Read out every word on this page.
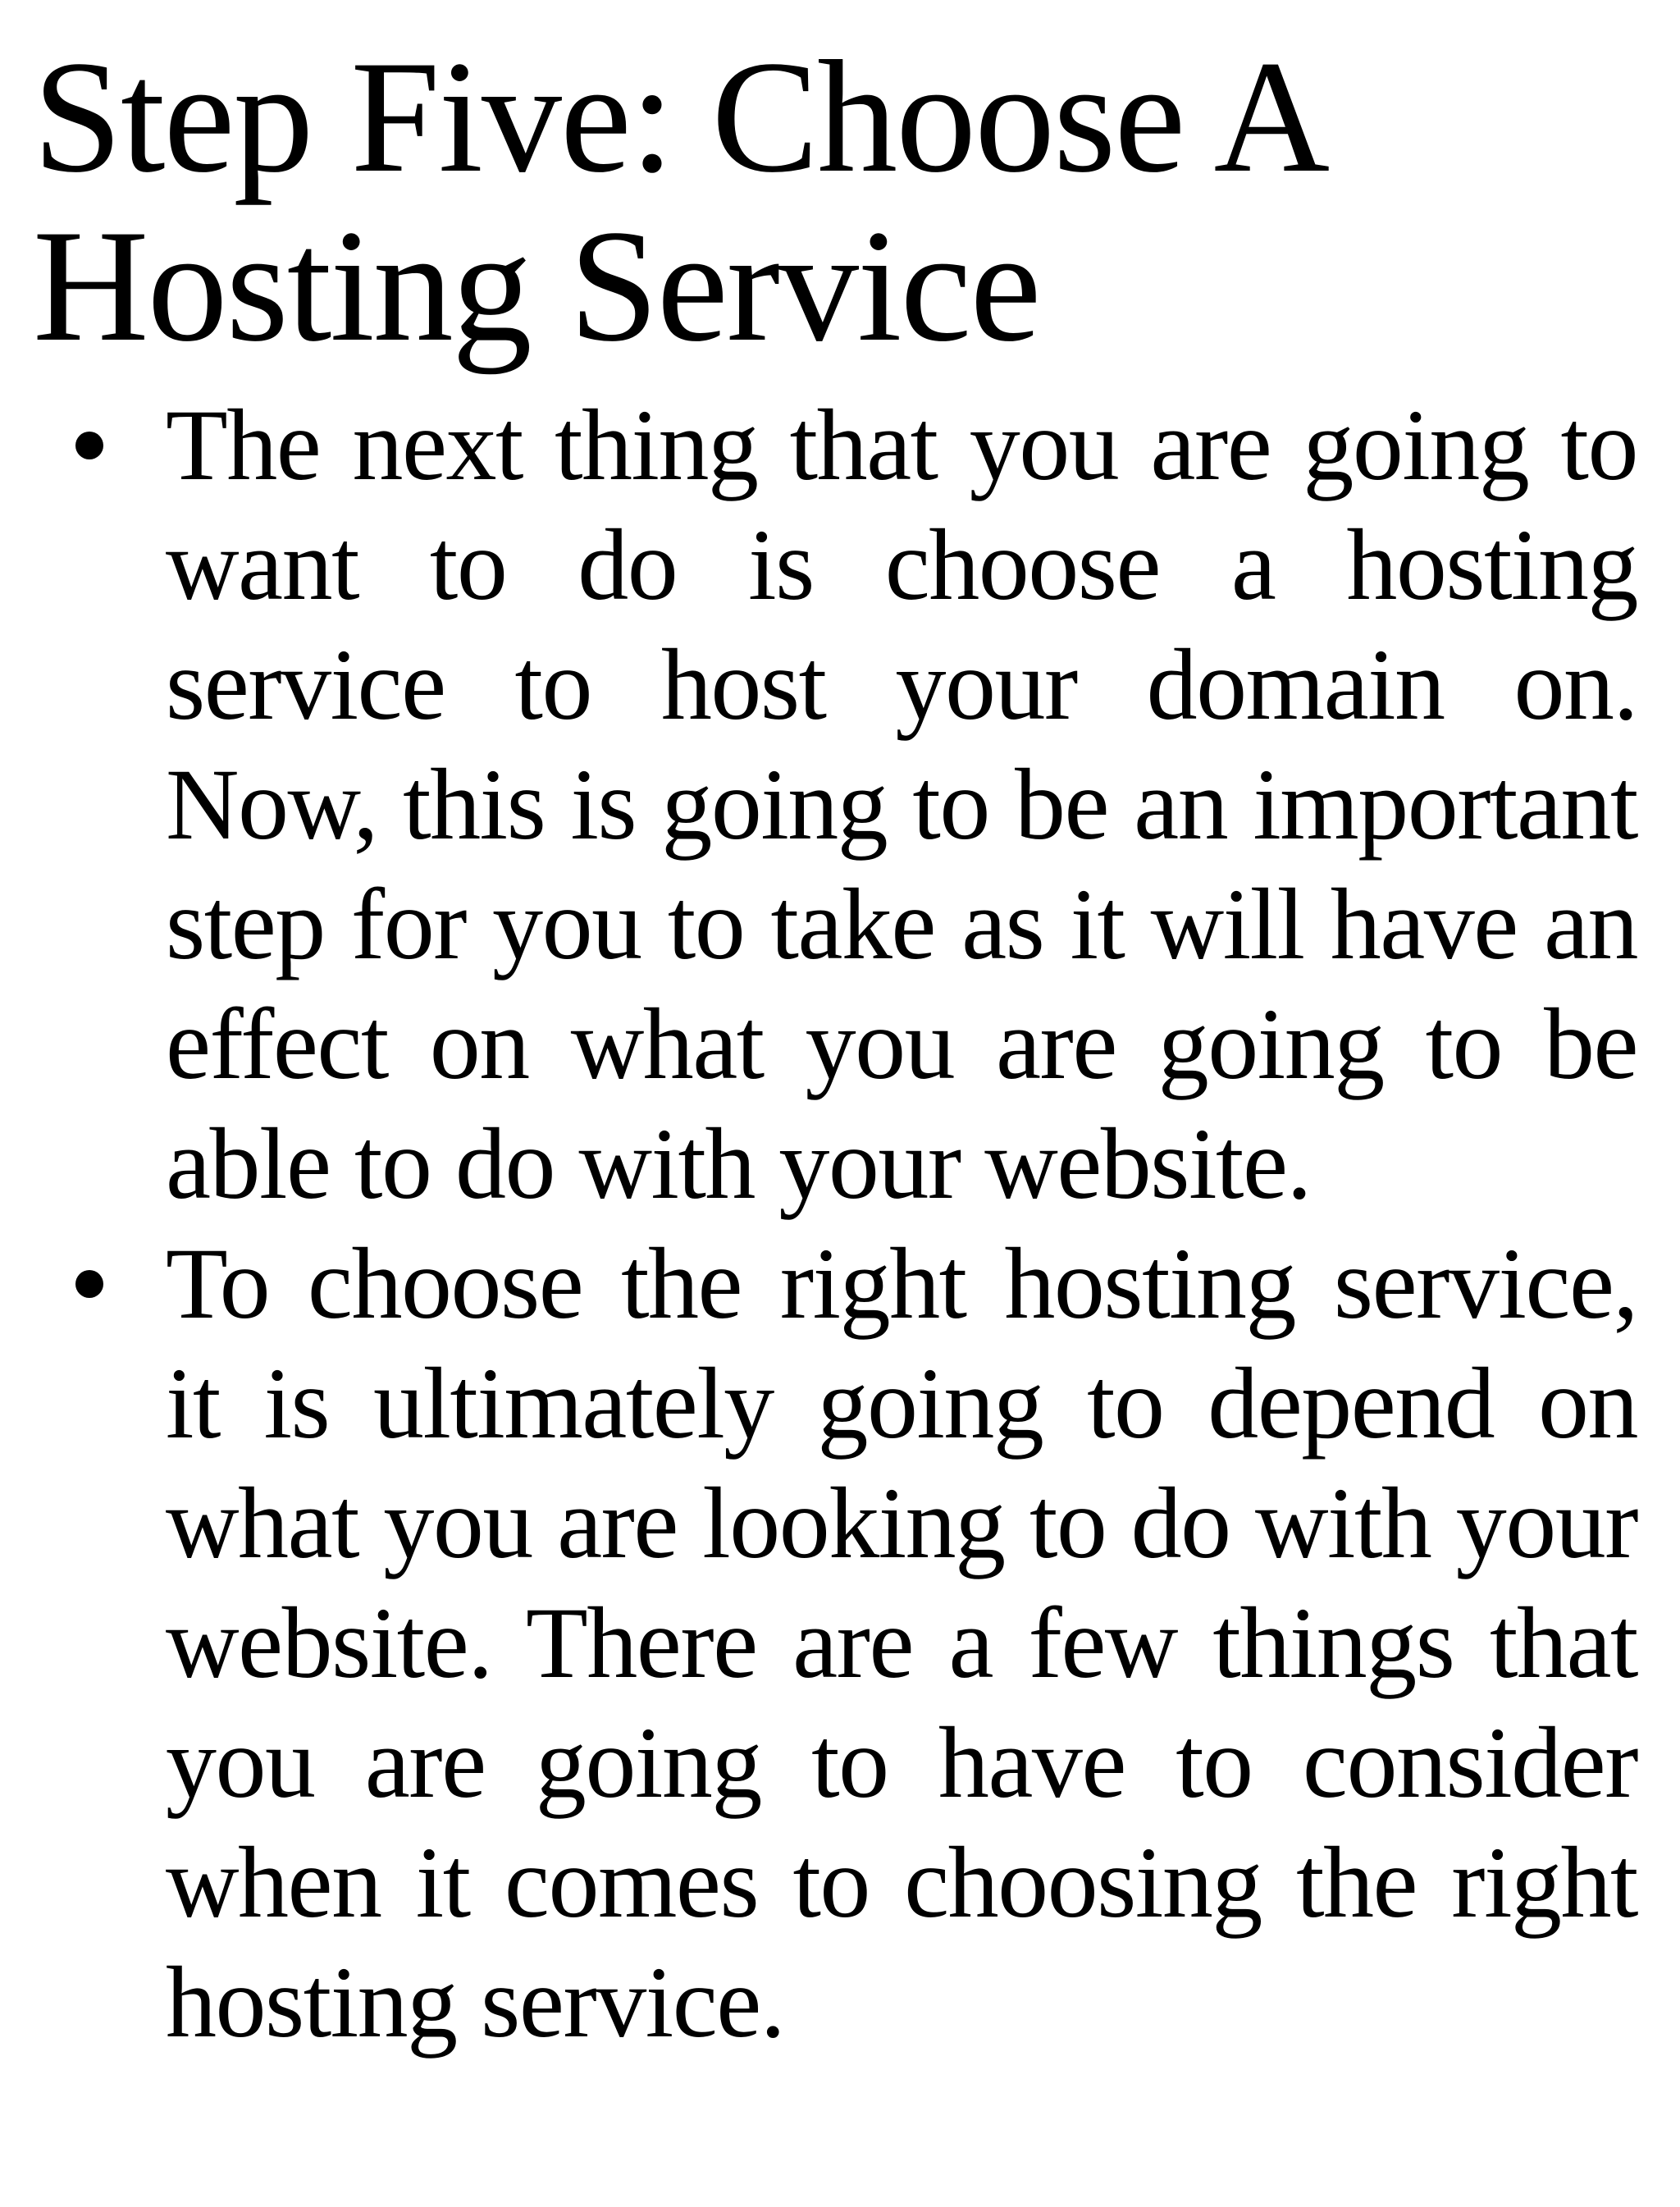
Step Five: Choose A Hosting Service
The next thing that you are going to want to do is choose a hosting service to host your domain on. Now, this is going to be an important step for you to take as it will have an effect on what you are going to be able to do with your website.
To choose the right hosting service, it is ultimately going to depend on what you are looking to do with your website. There are a few things that you are going to have to consider when it comes to choosing the right hosting service.
